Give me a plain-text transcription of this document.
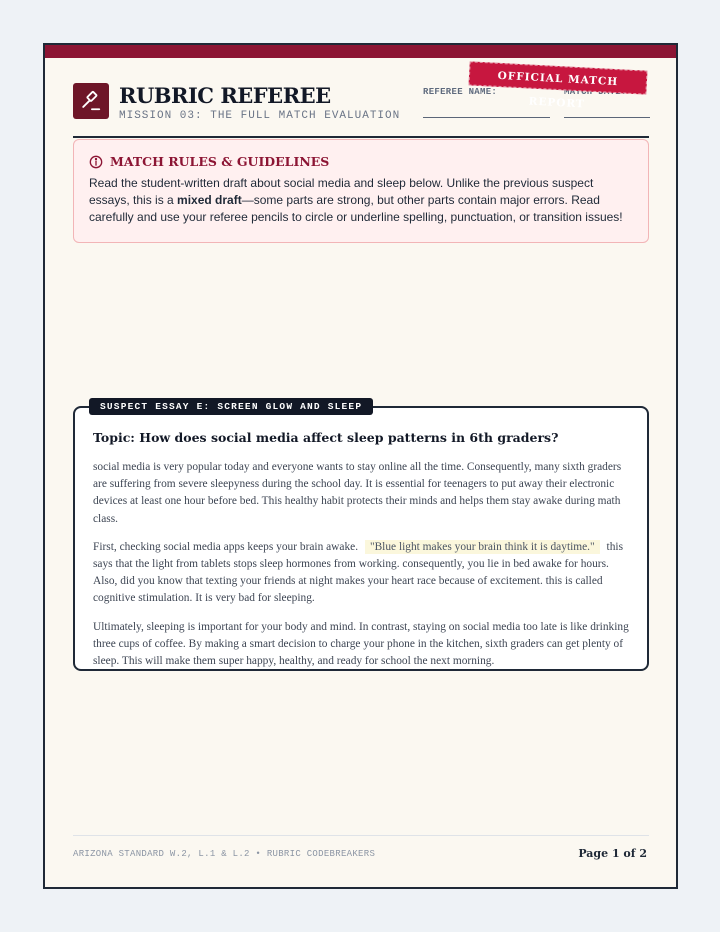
RUBRIC REFEREE
MISSION 03: THE FULL MATCH EVALUATION
REFEREE NAME:
OFFICIAL MATCH REPORT
MATCH RULES & GUIDELINES

Read the student-written draft about social media and sleep below. Unlike the previous suspect essays, this is a mixed draft—some parts are strong, but other parts contain major errors. Read carefully and use your referee pencils to circle or underline spelling, punctuation, or transition issues!

SUSPECT ESSAY E: SCREEN GLOW AND SLEEP
Topic: How does social media affect sleep patterns in 6th graders?

social media is very popular today and everyone wants to stay online all the time. Consequently, many sixth graders are suffering from severe sleepyness during the school day. It is essential for teenagers to put away their electronic devices at least one hour before bed. This healthy habit protects their minds and helps them stay awake during math class.

First, checking social media apps keeps your brain awake. "Blue light makes your brain think it is daytime." this says that the light from tablets stops sleep hormones from working. consequently, you lie in bed awake for hours. Also, did you know that texting your friends at night makes your heart race because of excitement. this is called cognitive stimulation. It is very bad for sleeping.

Ultimately, sleeping is important for your body and mind. In contrast, staying on social media too late is like drinking three cups of coffee. By making a smart decision to charge your phone in the kitchen, sixth graders can get plenty of sleep. This will make them super happy, healthy, and ready for school the next morning.

ARIZONA STANDARD W.2, L.1 & L.2 • RUBRIC CODEBREAKERS	Page 1 of 2
